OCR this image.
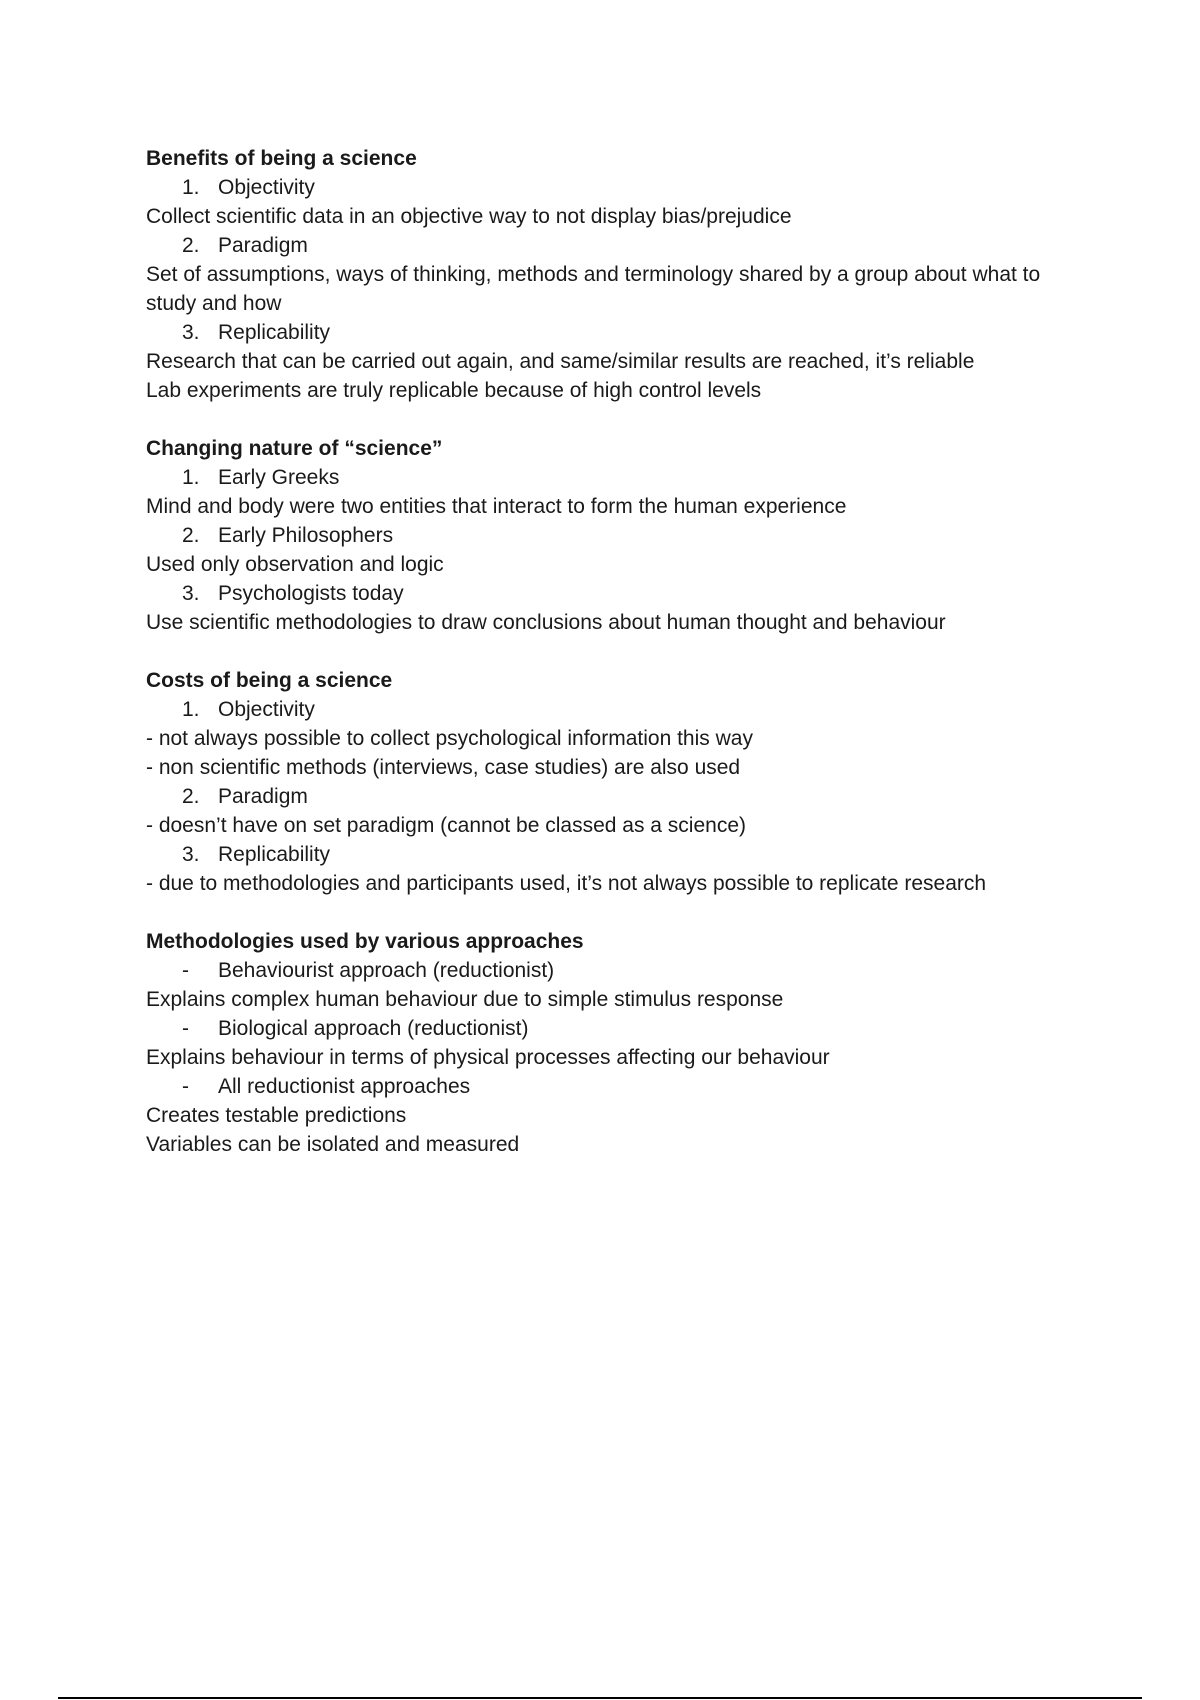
Benefits of being a science

1. Objectivity

Collect scientific data in an objective way to not display bias/prejudice

2. Paradigm

Set of assumptions, ways of thinking, methods and terminology shared by a group about what to study and how

3. Replicability

Research that can be carried out again, and same/similar results are reached, it’s reliable

Lab experiments are truly replicable because of high control levels

Changing nature of “science”

1. Early Greeks

Mind and body were two entities that interact to form the human experience

2. Early Philosophers

Used only observation and logic

3. Psychologists today

Use scientific methodologies to draw conclusions about human thought and behaviour

Costs of being a science

1. Objectivity

- not always possible to collect psychological information this way

- non scientific methods (interviews, case studies) are also used

2. Paradigm

- doesn’t have on set paradigm (cannot be classed as a science)

3. Replicability

- due to methodologies and participants used, it’s not always possible to replicate research

Methodologies used by various approaches

- Behaviourist approach (reductionist)

Explains complex human behaviour due to simple stimulus response

- Biological approach (reductionist)

Explains behaviour in terms of physical processes affecting our behaviour

- All reductionist approaches

Creates testable predictions

Variables can be isolated and measured
